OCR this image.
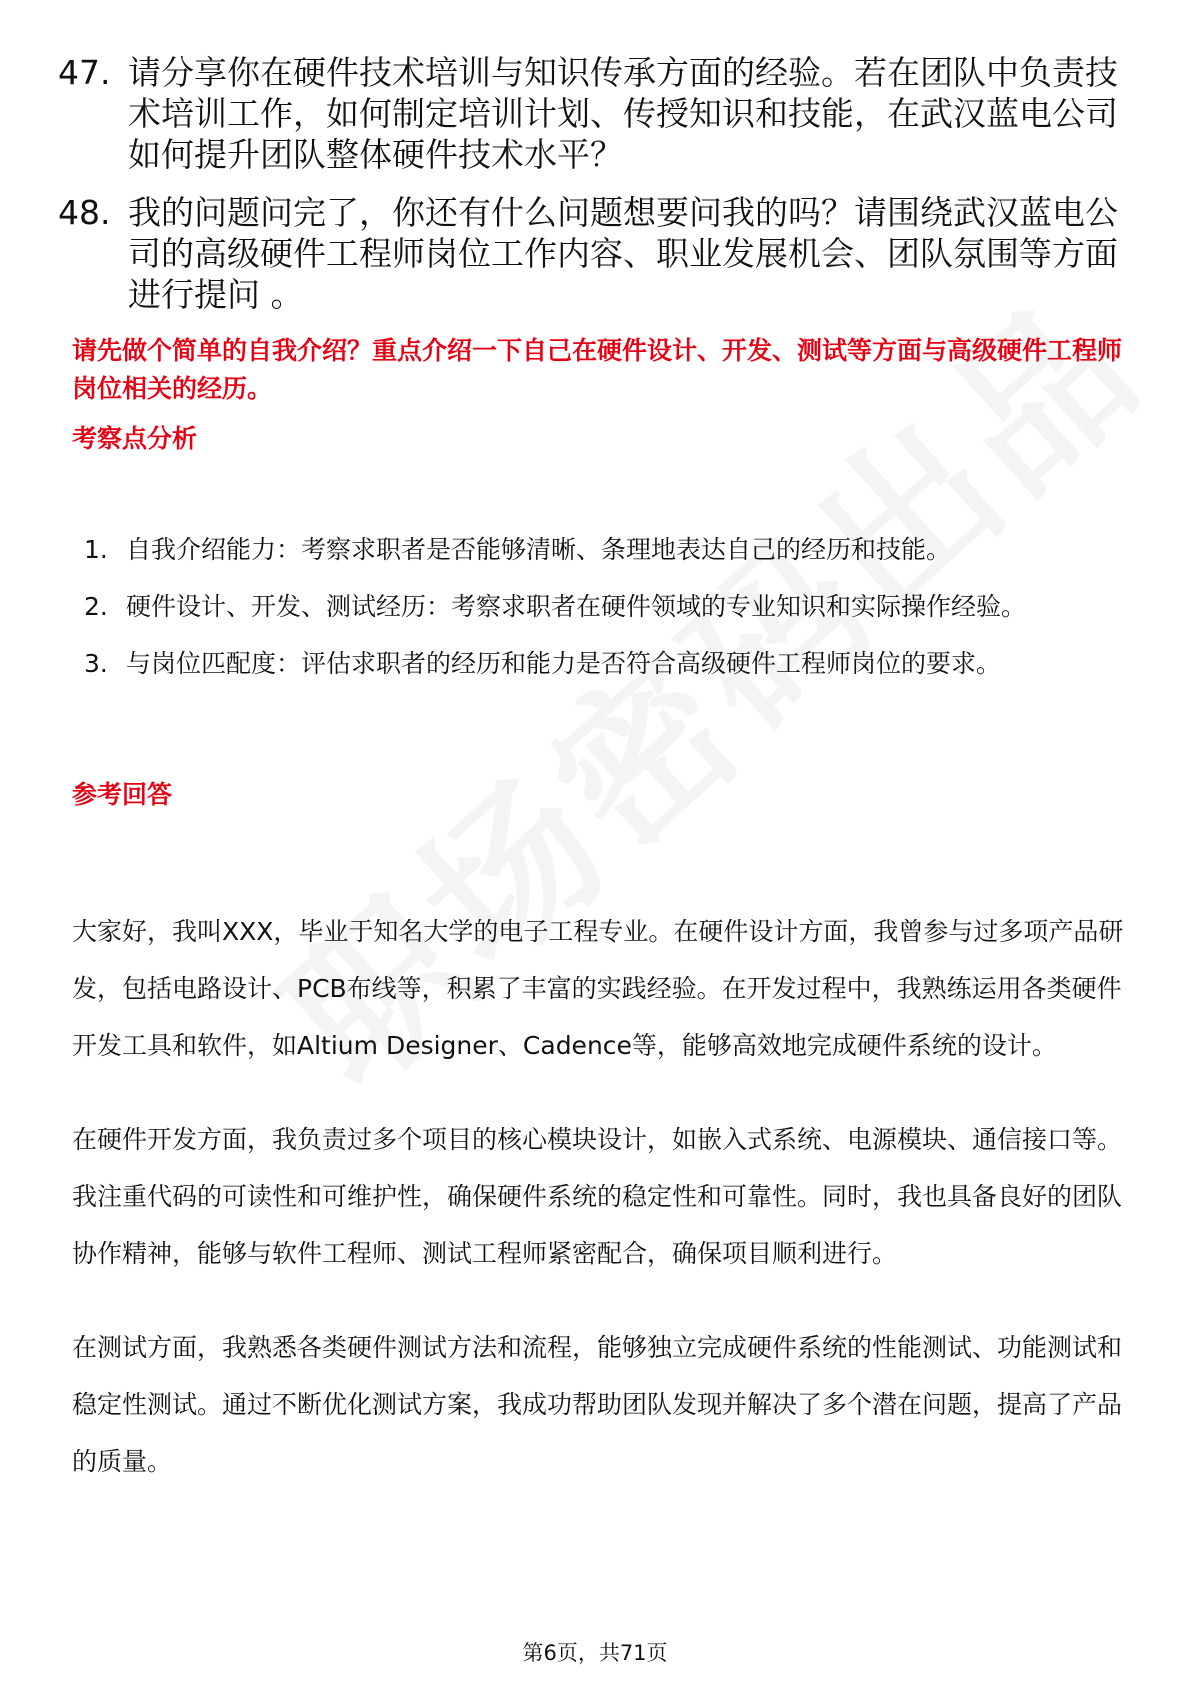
47. 请分享你在硬件技术培训与知识传承方面的经验。若在团队中负责技术培训工作，如何制定培训计划、传授知识和技能，在武汉蓝电公司如何提升团队整体硬件技术水平？
48. 我的问题问完了，你还有什么问题想要问我的吗？请围绕武汉蓝电公司的高级硬件工程师岗位工作内容、职业发展机会、团队氛围等方面进行提问 。
请先做个简单的自我介绍？重点介绍一下自己在硬件设计、开发、测试等方面与高级硬件工程师岗位相关的经历。
考察点分析
1. 自我介绍能力：考察求职者是否能够清晰、条理地表达自己的经历和技能。
2. 硬件设计、开发、测试经历：考察求职者在硬件领域的专业知识和实际操作经验。
3. 与岗位匹配度：评估求职者的经历和能力是否符合高级硬件工程师岗位的要求。
参考回答

大家好，我叫XXX，毕业于知名大学的电子工程专业。在硬件设计方面，我曾参与过多项产品研发，包括电路设计、PCB布线等，积累了丰富的实践经验。在开发过程中，我熟练运用各类硬件开发工具和软件，如Altium Designer、Cadence等，能够高效地完成硬件系统的设计。

在硬件开发方面，我负责过多个项目的核心模块设计，如嵌入式系统、电源模块、通信接口等。我注重代码的可读性和可维护性，确保硬件系统的稳定性和可靠性。同时，我也具备良好的团队协作精神，能够与软件工程师、测试工程师紧密配合，确保项目顺利进行。

在测试方面，我熟悉各类硬件测试方法和流程，能够独立完成硬件系统的性能测试、功能测试和稳定性测试。通过不断优化测试方案，我成功帮助团队发现并解决了多个潜在问题，提高了产品的质量。

第6页，共71页
